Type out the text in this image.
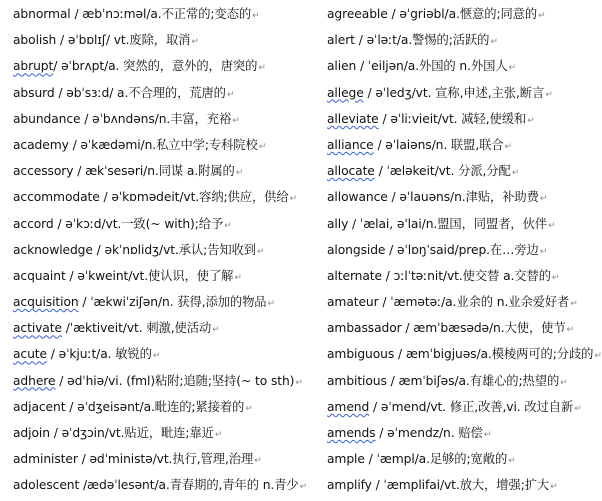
abnormal / æbˈnɔːməl/a.不正常的;变态的↵
abolish / əˈbɒlɪʃ/ vt.废除，取消↵
abrupt/ əˈbrʌpt/a. 突然的，意外的，唐突的↵
absurd / əbˈsɜːd/ a.不合理的，荒唐的↵
abundance / əˈbʌndəns/n.丰富，充裕↵
academy / əˈkædəmi/n.私立中学;专科院校↵
accessory / ækˈsesəri/n.同谋 a.附属的↵
accommodate / əˈkɒmədeit/vt.容纳;供应，供给↵
accord / əˈkɔːd/vt.一致(~ with);给予↵
acknowledge / əkˈnɒlidʒ/vt.承认;告知收到↵
acquaint / əˈkweint/vt.使认识，使了解↵
acquisition / ˈækwiˈziʃən/n. 获得,添加的物品↵
activate /ˈæktiveit/vt. 刺激,使活动↵
acute / əˈkjuːt/a. 敏锐的↵
adhere / ədˈhiə/vi. (fml)粘附;追随;坚持(~ to sth)↵
adjacent / əˈdʒeisənt/a.毗连的;紧接着的↵
adjoin / əˈdʒɔin/vt.贴近，毗连;靠近↵
administer / ədˈministə/vt.执行,管理,治理↵
adolescent /ædəˈlesənt/a.青春期的,青年的 n.青少↵
agreeable / əˈgriəbl/a.惬意的;同意的↵
alert / əˈləːt/a.警惕的;活跃的↵
alien / ˈeiljən/a.外国的 n.外国人↵
allege / əˈledʒ/vt. 宣称,申述,主张,断言↵
alleviate / əˈliːvieit/vt. 减轻,使缓和↵
alliance / əˈlaiəns/n. 联盟,联合↵
allocate / ˈæləkeit/vt. 分派,分配↵
allowance / əˈlauəns/n.津贴，补助费↵
ally / ˈælai, əˈlai/n.盟国，同盟者，伙伴↵
alongside / əˈlɒŋˈsaid/prep.在…旁边↵
alternate / ɔːlˈtəːnit/vt.使交替 a.交替的↵
amateur / ˈæmətəː/a.业余的 n.业余爱好者↵
ambassador / æmˈbæsədə/n.大使，使节↵
ambiguous / æmˈbigjuəs/a.模棱两可的;分歧的↵
ambitious / æmˈbiʃəs/a.有雄心的;热望的↵
amend / əˈmend/vt. 修正,改善,vi. 改过自新↵
amends / əˈmendz/n. 赔偿↵
ample / ˈæmpl/a.足够的;宽敞的↵
amplify / ˈæmplifai/vt.放大，增强;扩大↵
